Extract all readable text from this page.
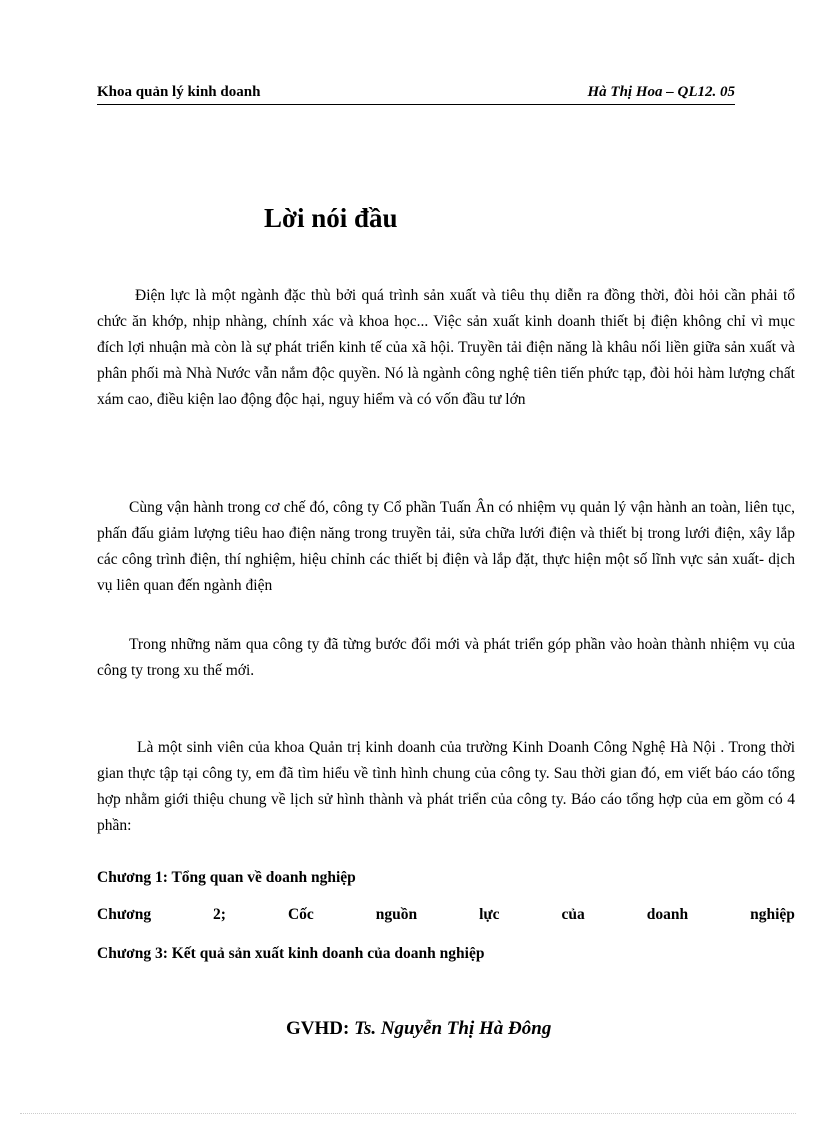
Khoa quản lý kinh doanh	Hà Thị Hoa – QL12. 05
Lời nói đầu

Điện lực là một ngành đặc thù bởi quá trình sản xuất và tiêu thụ diễn ra đồng thời, đòi hỏi cần phải tổ chức ăn khớp, nhịp nhàng, chính xác và khoa học... Việc sản xuất kinh doanh thiết bị điện không chỉ vì mục đích lợi nhuận mà còn là sự phát triển kinh tế của xã hội. Truyền tải điện năng là khâu nối liền giữa sản xuất và phân phối mà Nhà Nước vẫn nắm độc quyền. Nó là ngành công nghệ tiên tiến phức tạp, đòi hỏi hàm lượng chất xám cao, điều kiện lao động độc hại, nguy hiểm và có vốn đầu tư lớn

Cùng vận hành trong cơ chế đó, công ty Cổ phần Tuấn Ân có nhiệm vụ quản lý vận hành an toàn, liên tục, phấn đấu giảm lượng tiêu hao điện năng trong truyền tải, sửa chữa lưới điện và thiết bị trong lưới điện, xây lắp các công trình điện, thí nghiệm, hiệu chỉnh các thiết bị điện và lắp đặt, thực hiện một số lĩnh vực sản xuất- dịch vụ liên quan đến ngành điện

Trong những năm qua công ty đã từng bước đổi mới và phát triển góp phần vào hoàn thành nhiệm vụ của công ty trong xu thế mới.

Là một sinh viên của khoa Quản trị kinh doanh của trường Kinh Doanh Công Nghệ Hà Nội . Trong thời gian thực tập tại công ty, em đã tìm hiểu về tình hình chung của công ty. Sau thời gian đó, em viết báo cáo tổng hợp nhằm giới thiệu chung về lịch sử hình thành và phát triển của công ty. Báo cáo tổng hợp của em gồm có 4 phần:

Chương 1: Tổng quan về doanh nghiệp
Chương	2;	Cốc	nguồn	lực	của	doanh	nghiệp
Chương 3: Kết quả sản xuất kinh doanh của doanh nghiệp
GVHD: Ts. Nguyễn Thị Hà Đông
